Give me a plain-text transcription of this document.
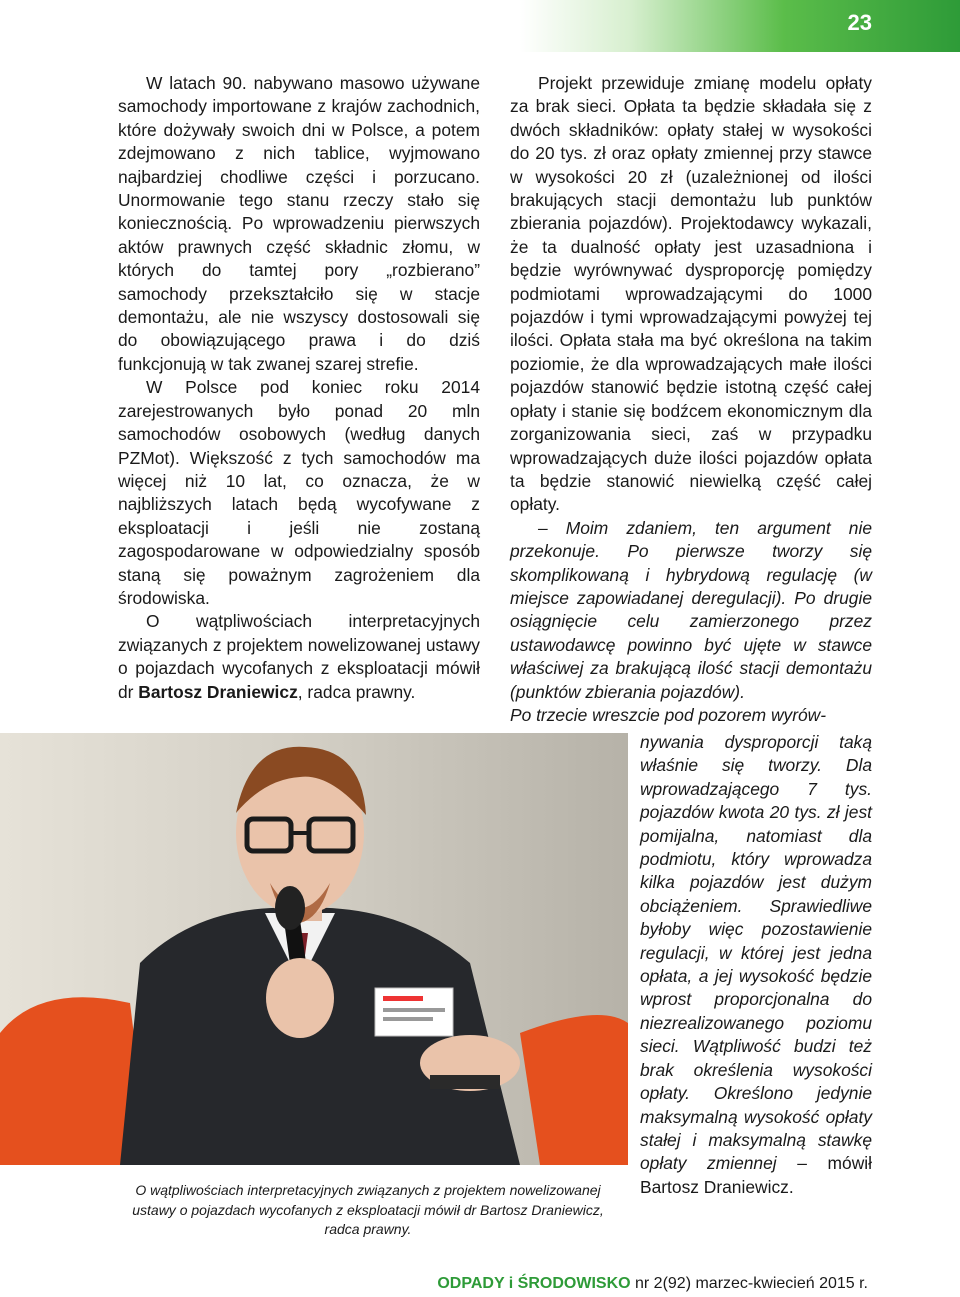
23

W latach 90. nabywano masowo używane samochody importowane z krajów zachodnich, które dożywały swoich dni w Polsce, a potem zdejmowano z nich tablice, wyjmowano najbardziej chodliwe części i porzucano. Unormowanie tego stanu rzeczy stało się koniecznością. Po wprowadzeniu pierwszych aktów prawnych część składnic złomu, w których do tamtej pory „rozbierano” samochody przekształciło się w stacje demontażu, ale nie wszyscy dostosowali się do obowiązującego prawa i do dziś funkcjonują w tak zwanej szarej strefie.

W Polsce pod koniec roku 2014 zarejestrowanych było ponad 20 mln samochodów osobowych (według danych PZMot). Większość z tych samochodów ma więcej niż 10 lat, co oznacza, że w najbliższych latach będą wycofywane z eksploatacji i jeśli nie zostaną zagospodarowane w odpowiedzialny sposób staną się poważnym zagrożeniem dla środowiska.

O wątpliwościach interpretacyjnych związanych z projektem nowelizowanej ustawy o pojazdach wycofanych z eksploatacji mówił dr Bartosz Draniewicz, radca prawny.

Projekt przewiduje zmianę modelu opłaty za brak sieci. Opłata ta będzie składała się z dwóch składników: opłaty stałej w wysokości do 20 tys. zł oraz opłaty zmiennej przy stawce w wysokości 20 zł (uzależnionej od ilości brakujących stacji demontażu lub punktów zbierania pojazdów). Projektodawcy wykazali, że ta dualność opłaty jest uzasadniona i będzie wyrównywać dysproporcję pomiędzy podmiotami wprowadzającymi do 1000 pojazdów i tymi wprowadzającymi powyżej tej ilości. Opłata stała ma być określona na takim poziomie, że dla wprowadzających małe ilości pojazdów stanowić będzie istotną część całej opłaty i stanie się bodźcem ekonomicznym dla zorganizowania sieci, zaś w przypadku wprowadzających duże ilości pojazdów opłata ta będzie stanowić niewielką część całej opłaty.

– Moim zdaniem, ten argument nie przekonuje. Po pierwsze tworzy się skomplikowaną i hybrydową regulację (w miejsce zapowiadanej deregulacji). Po drugie osiągnięcie celu zamierzonego przez ustawodawcę powinno być ujęte w stawce właściwej za brakującą ilość stacji demontażu (punktów zbierania pojazdów).

Po trzecie wreszcie pod pozorem wyrów-

nywania dysproporcji taką właśnie się tworzy. Dla wprowadzającego 7 tys. pojazdów kwota 20 tys. zł jest pomijalna, natomiast dla podmiotu, który wprowadza kilka pojazdów jest dużym obciążeniem. Sprawiedliwe byłoby więc pozostawienie regulacji, w której jest jedna opłata, a jej wysokość będzie wprost proporcjonalna do niezrealizowanego poziomu sieci. Wątpliwość budzi też brak określenia wysokości opłaty. Określono jedynie maksymalną wysokość opłaty stałej i maksymalną stawkę opłaty zmiennej – mówił Bartosz Draniewicz.

O wątpliwościach interpretacyjnych związanych z projektem nowelizowanej ustawy o pojazdach wycofanych z eksploatacji mówił dr Bartosz Draniewicz, radca prawny.
ODPADY i ŚRODOWISKO nr 2(92) marzec-kwiecień 2015 r.
